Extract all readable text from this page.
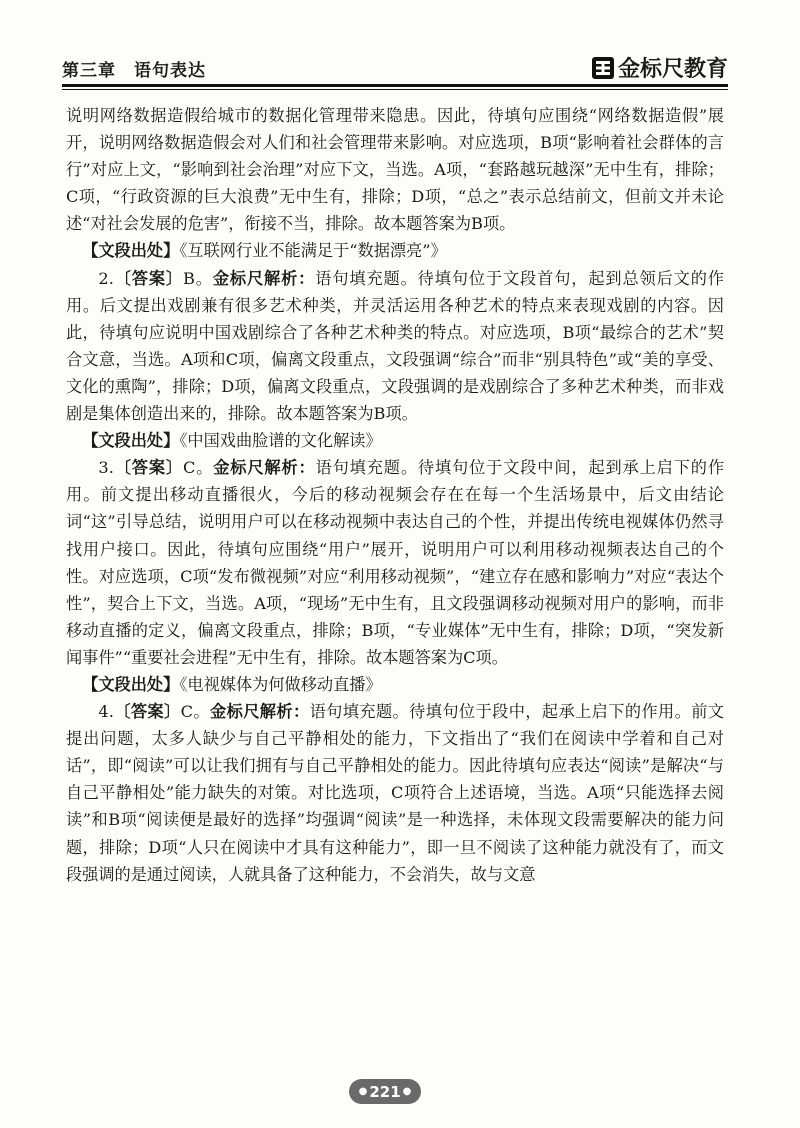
第三章　语句表达	金标尺教育

说明网络数据造假给城市的数据化管理带来隐患。因此，待填句应围绕“网络数据造假”展开，说明网络数据造假会对人们和社会管理带来影响。对应选项，B项“影响着社会群体的言行”对应上文，“影响到社会治理”对应下文，当选。A项，“套路越玩越深”无中生有，排除；C项，“行政资源的巨大浪费”无中生有，排除；D项，“总之”表示总结前文，但前文并未论述“对社会发展的危害”，衔接不当，排除。故本题答案为B项。

【文段出处】《互联网行业不能满足于“数据漂亮”》

2.〔答案〕B。金标尺解析：语句填充题。待填句位于文段首句，起到总领后文的作用。后文提出戏剧兼有很多艺术种类，并灵活运用各种艺术的特点来表现戏剧的内容。因此，待填句应说明中国戏剧综合了各种艺术种类的特点。对应选项，B项“最综合的艺术”契合文意，当选。A项和C项，偏离文段重点，文段强调“综合”而非“别具特色”或“美的享受、文化的熏陶”，排除；D项，偏离文段重点，文段强调的是戏剧综合了多种艺术种类，而非戏剧是集体创造出来的，排除。故本题答案为B项。

【文段出处】《中国戏曲脸谱的文化解读》

3.〔答案〕C。金标尺解析：语句填充题。待填句位于文段中间，起到承上启下的作用。前文提出移动直播很火，今后的移动视频会存在在每一个生活场景中，后文由结论词“这”引导总结，说明用户可以在移动视频中表达自己的个性，并提出传统电视媒体仍然寻找用户接口。因此，待填句应围绕“用户”展开，说明用户可以利用移动视频表达自己的个性。对应选项，C项“发布微视频”对应“利用移动视频”，“建立存在感和影响力”对应“表达个性”，契合上下文，当选。A项，“现场”无中生有，且文段强调移动视频对用户的影响，而非移动直播的定义，偏离文段重点，排除；B项，“专业媒体”无中生有，排除；D项，“突发新闻事件”“重要社会进程”无中生有，排除。故本题答案为C项。

【文段出处】《电视媒体为何做移动直播》

4.〔答案〕C。金标尺解析：语句填充题。待填句位于段中，起承上启下的作用。前文提出问题，太多人缺少与自己平静相处的能力，下文指出了“我们在阅读中学着和自己对话”，即“阅读”可以让我们拥有与自己平静相处的能力。因此待填句应表达“阅读”是解决“与自己平静相处”能力缺失的对策。对比选项，C项符合上述语境，当选。A项“只能选择去阅读”和B项“阅读便是最好的选择”均强调“阅读”是一种选择，未体现文段需要解决的能力问题，排除；D项“人只在阅读中才具有这种能力”，即一旦不阅读了这种能力就没有了，而文段强调的是通过阅读，人就具备了这种能力，不会消失，故与文意

● 221 ●
